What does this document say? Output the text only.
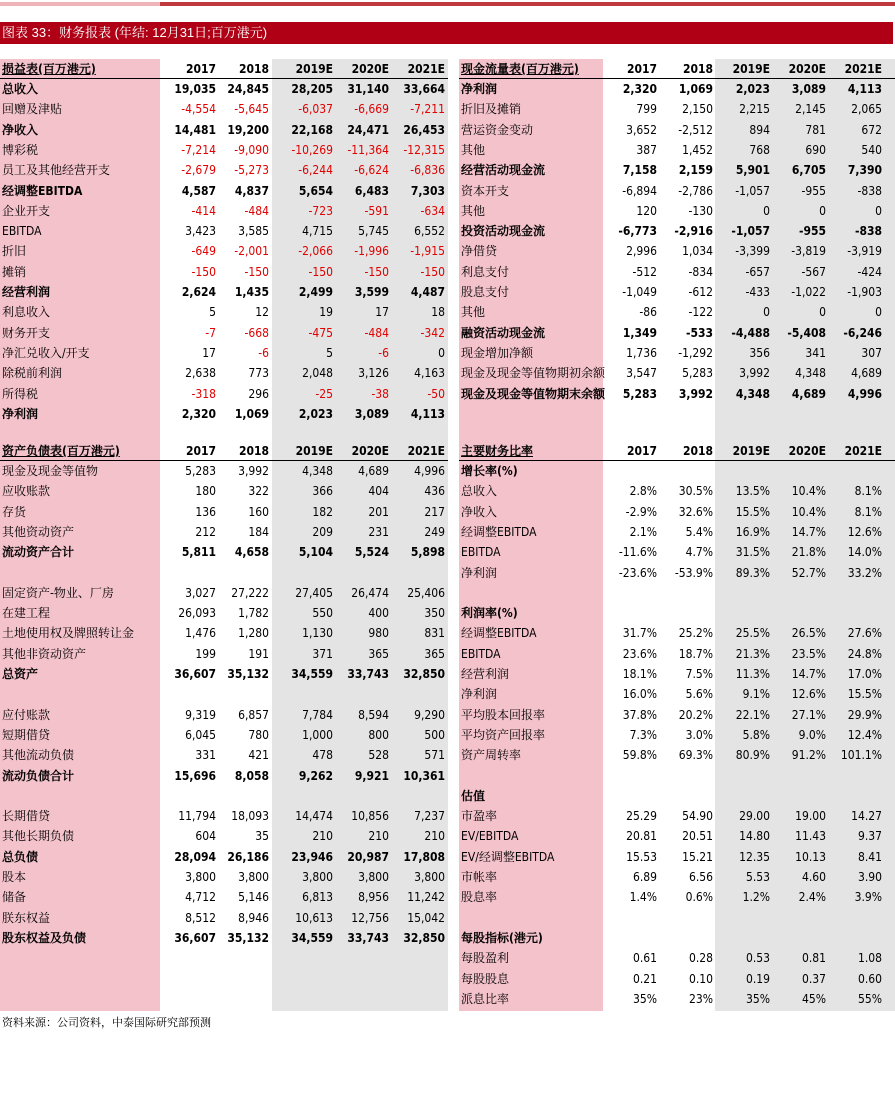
图表 33：财务报表 (年结: 12月31日;百万港元)
损益表(百万港元)	2017	2018	2019E	2020E	2021E
总收入	19,035 24,845	28,205	31,140	33,664
回赠及津贴	-4,554	-5,645	-6,037	-6,669	-7,211
净收入	14,481 19,200	22,168	24,471	26,453
博彩税	-7,214	-9,090	-10,269	-11,364	-12,315
员工及其他经营开支	-2,679	-5,273	-6,244	-6,624	-6,836
经调整EBITDA	4,587	4,837	5,654	6,483	7,303
企业开支	-414	-484	-723	-591	-634
EBITDA	3,423	3,585	4,715	5,745	6,552
折旧	-649	-2,001	-2,066	-1,996	-1,915
摊销	-150	-150	-150	-150	-150
经营利润	2,624	1,435	2,499	3,599	4,487
利息收入	5	12	19	17	18
财务开支	-7	-668	-475	-484	-342
净汇兑收入/开支	17	-6	5	-6	0
除税前利润	2,638	773	2,048	3,126	4,163
所得税	-318	296	-25	-38	-50
净利润	2,320	1,069	2,023	3,089	4,113
现金流量表(百万港元)	2017	2018	2019E	2020E	2021E
净利润	2,320	1,069	2,023	3,089	4,113
折旧及摊销	799	2,150	2,215	2,145	2,065
营运资金变动	3,652	-2,512	894	781	672
其他	387	1,452	768	690	540
经营活动现金流	7,158	2,159	5,901	6,705	7,390
资本开支	-6,894	-2,786	-1,057	-955	-838
其他	120	-130	0	0	0
投资活动现金流	-6,773	-2,916	-1,057	-955	-838
净借贷	2,996	1,034	-3,399	-3,819	-3,919
利息支付	-512	-834	-657	-567	-424
股息支付	-1,049	-612	-433	-1,022	-1,903
其他	-86	-122	0	0	0
融资活动现金流	1,349	-533	-4,488	-5,408	-6,246
现金增加净额	1,736	-1,292	356	341	307
现金及现金等值物期初余额	3,547	5,283	3,992	4,348	4,689
现金及现金等值物期末余额	5,283	3,992	4,348	4,689	4,996
资产负债表(百万港元)	2017	2018	2019E	2020E	2021E
现金及现金等值物	5,283	3,992	4,348	4,689	4,996
应收账款	180	322	366	404	436
存货	136	160	182	201	217
其他资动资产	212	184	209	231	249
流动资产合计	5,811	4,658	5,104	5,524	5,898
固定资产-物业、厂房	3,027	27,222	27,405	26,474	25,406
在建工程	26,093	1,782	550	400	350
土地使用权及牌照转让金	1,476	1,280	1,130	980	831
其他非资动资产	199	191	371	365	365
总资产	36,607 35,132	34,559	33,743	32,850
应付账款	9,319	6,857	7,784	8,594	9,290
短期借贷	6,045	780	1,000	800	500
其他流动负债	331	421	478	528	571
流动负债合计	15,696	8,058	9,262	9,921	10,361
长期借贷	11,794	18,093	14,474	10,856	7,237
其他长期负债	604	35	210	210	210
总负债	28,094 26,186	23,946	20,987	17,808
股本	3,800	3,800	3,800	3,800	3,800
储备	4,712	5,146	6,813	8,956	11,242
朕东权益	8,512	8,946	10,613	12,756	15,042
股东权益及负债	36,607 35,132	34,559	33,743	32,850
主要财务比率	2017	2018	2019E	2020E	2021E
增长率(%)
总收入	2.8%	30.5%	13.5%	10.4%	8.1%
净收入	-2.9%	32.6%	15.5%	10.4%	8.1%
经调整EBITDA	2.1%	5.4%	16.9%	14.7%	12.6%
EBITDA	-11.6%	4.7%	31.5%	21.8%	14.0%
净利润	-23.6%	-53.9%	89.3%	52.7%	33.2%
利润率(%)
经调整EBITDA	31.7%	25.2%	25.5%	26.5%	27.6%
EBITDA	23.6%	18.7%	21.3%	23.5%	24.8%
经营利润	18.1%	7.5%	11.3%	14.7%	17.0%
净利润	16.0%	5.6%	9.1%	12.6%	15.5%
平均股本回报率	37.8%	20.2%	22.1%	27.1%	29.9%
平均资产回报率	7.3%	3.0%	5.8%	9.0%	12.4%
资产周转率	59.8%	69.3%	80.9%	91.2%	101.1%
估值
市盈率	25.29	54.90	29.00	19.00	14.27
EV/EBITDA	20.81	20.51	14.80	11.43	9.37
EV/经调整EBITDA	15.53	15.21	12.35	10.13	8.41
市帐率	6.89	6.56	5.53	4.60	3.90
股息率	1.4%	0.6%	1.2%	2.4%	3.9%
每股指标(港元)
每股盈利	0.61	0.28	0.53	0.81	1.08
每股股息	0.21	0.10	0.19	0.37	0.60
派息比率	35%	23%	35%	45%	55%
资料来源：公司资料，中泰国际研究部预测
